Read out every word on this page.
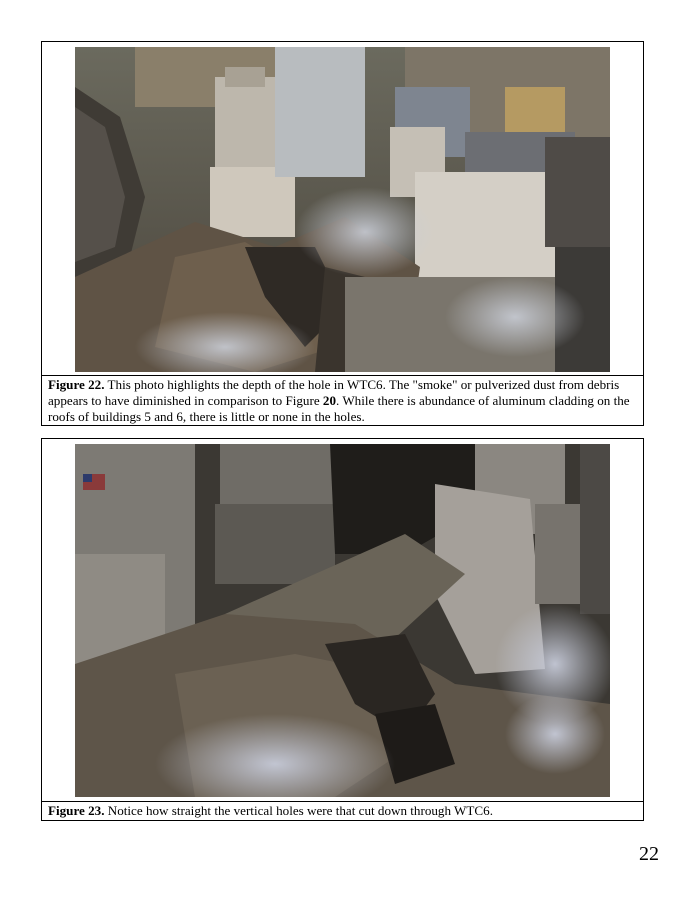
Figure 22. This photo highlights the depth of the hole in WTC6. The "smoke" or pulverized dust from debris appears to have diminished in comparison to Figure 20. While there is abundance of aluminum cladding on the roofs of buildings 5 and 6, there is little or none in the holes.
Figure 23. Notice how straight the vertical holes were that cut down through WTC6.
22
